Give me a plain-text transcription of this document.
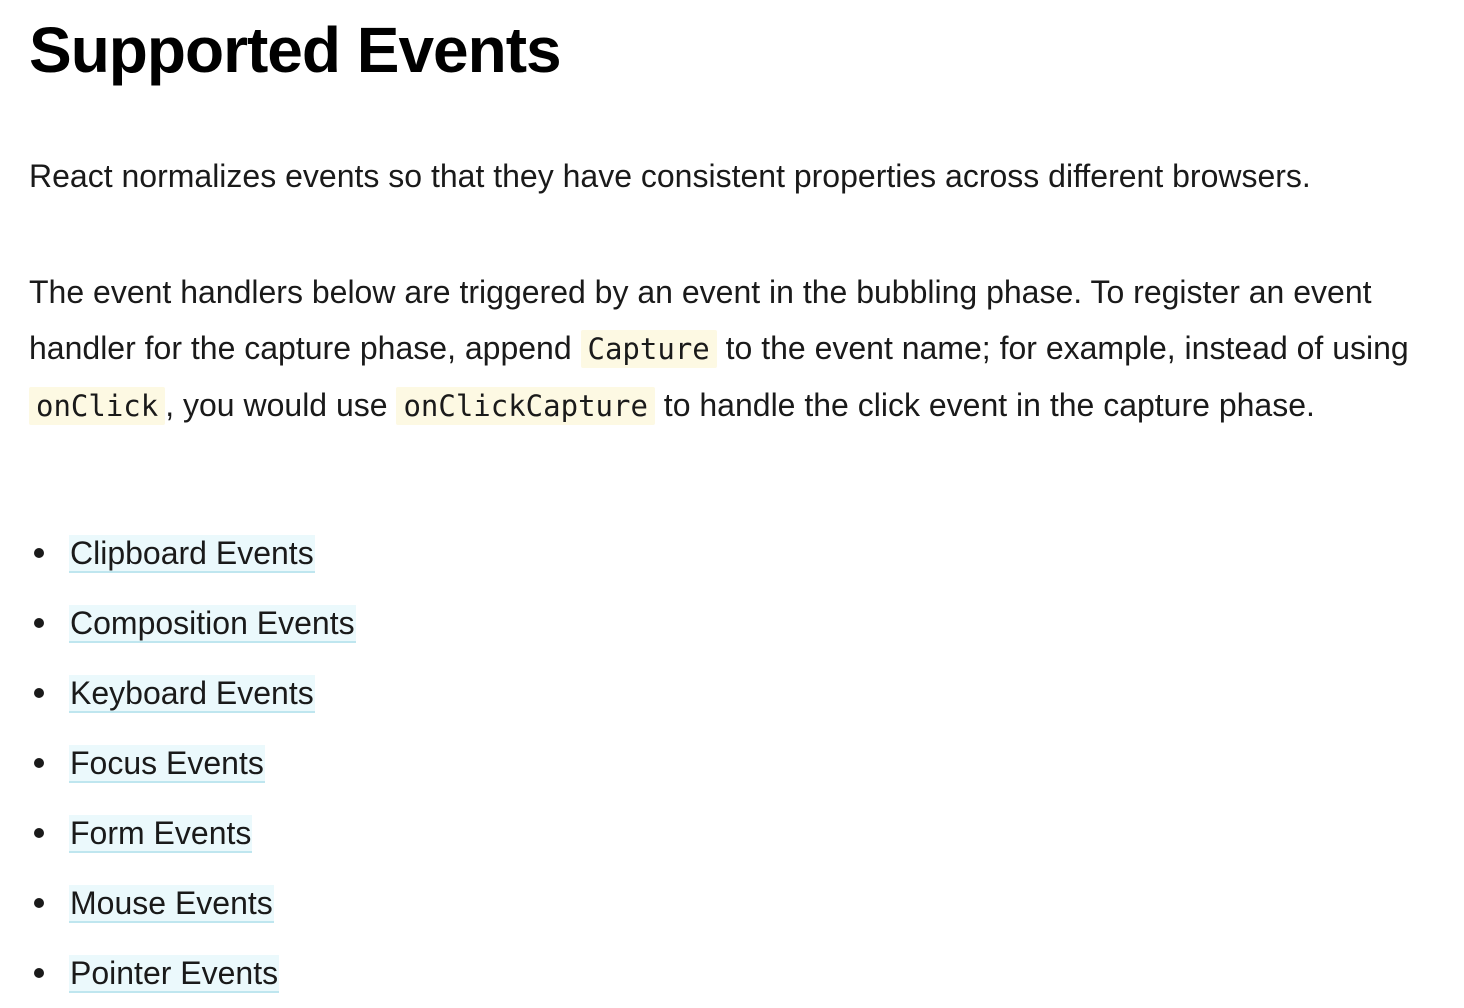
Supported Events

React normalizes events so that they have consistent properties across different browsers.

The event handlers below are triggered by an event in the bubbling phase. To register an event handler for the capture phase, append Capture to the event name; for example, instead of using onClick , you would use onClickCapture to handle the click event in the capture phase.

Clipboard Events
Composition Events
Keyboard Events
Focus Events
Form Events
Mouse Events
Pointer Events
